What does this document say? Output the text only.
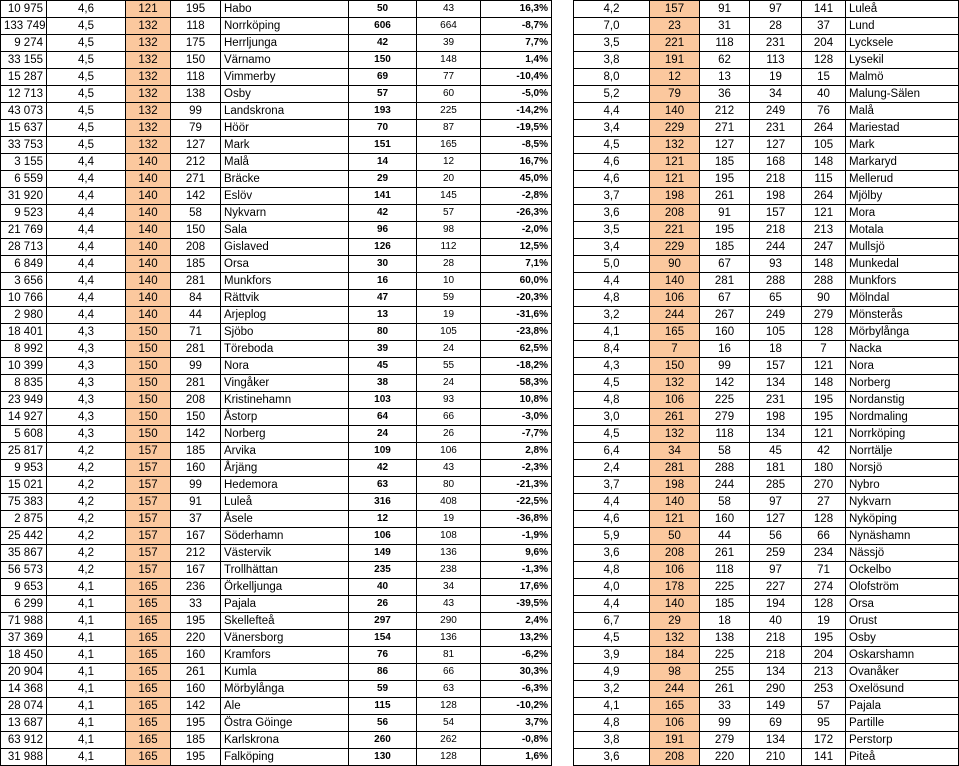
10 975	4,6	121	195	Habo	50	43	16,3%
133 749	4,5	132	118	Norrköping	606	664	-8,7%
9 274	4,5	132	175	Herrljunga	42	39	7,7%
33 155	4,5	132	150	Värnamo	150	148	1,4%
15 287	4,5	132	118	Vimmerby	69	77	-10,4%
12 713	4,5	132	138	Osby	57	60	-5,0%
43 073	4,5	132	99	Landskrona	193	225	-14,2%
15 637	4,5	132	79	Höör	70	87	-19,5%
33 753	4,5	132	127	Mark	151	165	-8,5%
3 155	4,4	140	212	Malå	14	12	16,7%
6 559	4,4	140	271	Bräcke	29	20	45,0%
31 920	4,4	140	142	Eslöv	141	145	-2,8%
9 523	4,4	140	58	Nykvarn	42	57	-26,3%
21 769	4,4	140	150	Sala	96	98	-2,0%
28 713	4,4	140	208	Gislaved	126	112	12,5%
6 849	4,4	140	185	Orsa	30	28	7,1%
3 656	4,4	140	281	Munkfors	16	10	60,0%
10 766	4,4	140	84	Rättvik	47	59	-20,3%
2 980	4,4	140	44	Arjeplog	13	19	-31,6%
18 401	4,3	150	71	Sjöbo	80	105	-23,8%
8 992	4,3	150	281	Töreboda	39	24	62,5%
10 399	4,3	150	99	Nora	45	55	-18,2%
8 835	4,3	150	281	Vingåker	38	24	58,3%
23 949	4,3	150	208	Kristinehamn	103	93	10,8%
14 927	4,3	150	150	Åstorp	64	66	-3,0%
5 608	4,3	150	142	Norberg	24	26	-7,7%
25 817	4,2	157	185	Arvika	109	106	2,8%
9 953	4,2	157	160	Årjäng	42	43	-2,3%
15 021	4,2	157	99	Hedemora	63	80	-21,3%
75 383	4,2	157	91	Luleå	316	408	-22,5%
2 875	4,2	157	37	Åsele	12	19	-36,8%
25 442	4,2	157	167	Söderhamn	106	108	-1,9%
35 867	4,2	157	212	Västervik	149	136	9,6%
56 573	4,2	157	167	Trollhättan	235	238	-1,3%
9 653	4,1	165	236	Örkelljunga	40	34	17,6%
6 299	4,1	165	33	Pajala	26	43	-39,5%
71 988	4,1	165	195	Skellefteå	297	290	2,4%
37 369	4,1	165	220	Vänersborg	154	136	13,2%
18 450	4,1	165	160	Kramfors	76	81	-6,2%
20 904	4,1	165	261	Kumla	86	66	30,3%
14 368	4,1	165	160	Mörbylånga	59	63	-6,3%
28 074	4,1	165	142	Ale	115	128	-10,2%
13 687	4,1	165	195	Östra Göinge	56	54	3,7%
63 912	4,1	165	185	Karlskrona	260	262	-0,8%
31 988	4,1	165	195	Falköping	130	128	1,6%
4,2	157	91	97	141	Luleå
7,0	23	31	28	37	Lund
3,5	221	118	231	204	Lycksele
3,8	191	62	113	128	Lysekil
8,0	12	13	19	15	Malmö
5,2	79	36	34	40	Malung-Sälen
4,4	140	212	249	76	Malå
3,4	229	271	231	264	Mariestad
4,5	132	127	127	105	Mark
4,6	121	185	168	148	Markaryd
4,6	121	195	218	115	Mellerud
3,7	198	261	198	264	Mjölby
3,6	208	91	157	121	Mora
3,5	221	195	218	213	Motala
3,4	229	185	244	247	Mullsjö
5,0	90	67	93	148	Munkedal
4,4	140	281	288	288	Munkfors
4,8	106	67	65	90	Mölndal
3,2	244	267	249	279	Mönsterås
4,1	165	160	105	128	Mörbylånga
8,4	7	16	18	7	Nacka
4,3	150	99	157	121	Nora
4,5	132	142	134	148	Norberg
4,8	106	225	231	195	Nordanstig
3,0	261	279	198	195	Nordmaling
4,5	132	118	134	121	Norrköping
6,4	34	58	45	42	Norrtälje
2,4	281	288	181	180	Norsjö
3,7	198	244	285	270	Nybro
4,4	140	58	97	27	Nykvarn
4,6	121	160	127	128	Nyköping
5,9	50	44	56	66	Nynäshamn
3,6	208	261	259	234	Nässjö
4,8	106	118	97	71	Ockelbo
4,0	178	225	227	274	Olofström
4,4	140	185	194	128	Orsa
6,7	29	18	40	19	Orust
4,5	132	138	218	195	Osby
3,9	184	225	218	204	Oskarshamn
4,9	98	255	134	213	Ovanåker
3,2	244	261	290	253	Oxelösund
4,1	165	33	149	57	Pajala
4,8	106	99	69	95	Partille
3,8	191	279	134	172	Perstorp
3,6	208	220	210	141	Piteå
